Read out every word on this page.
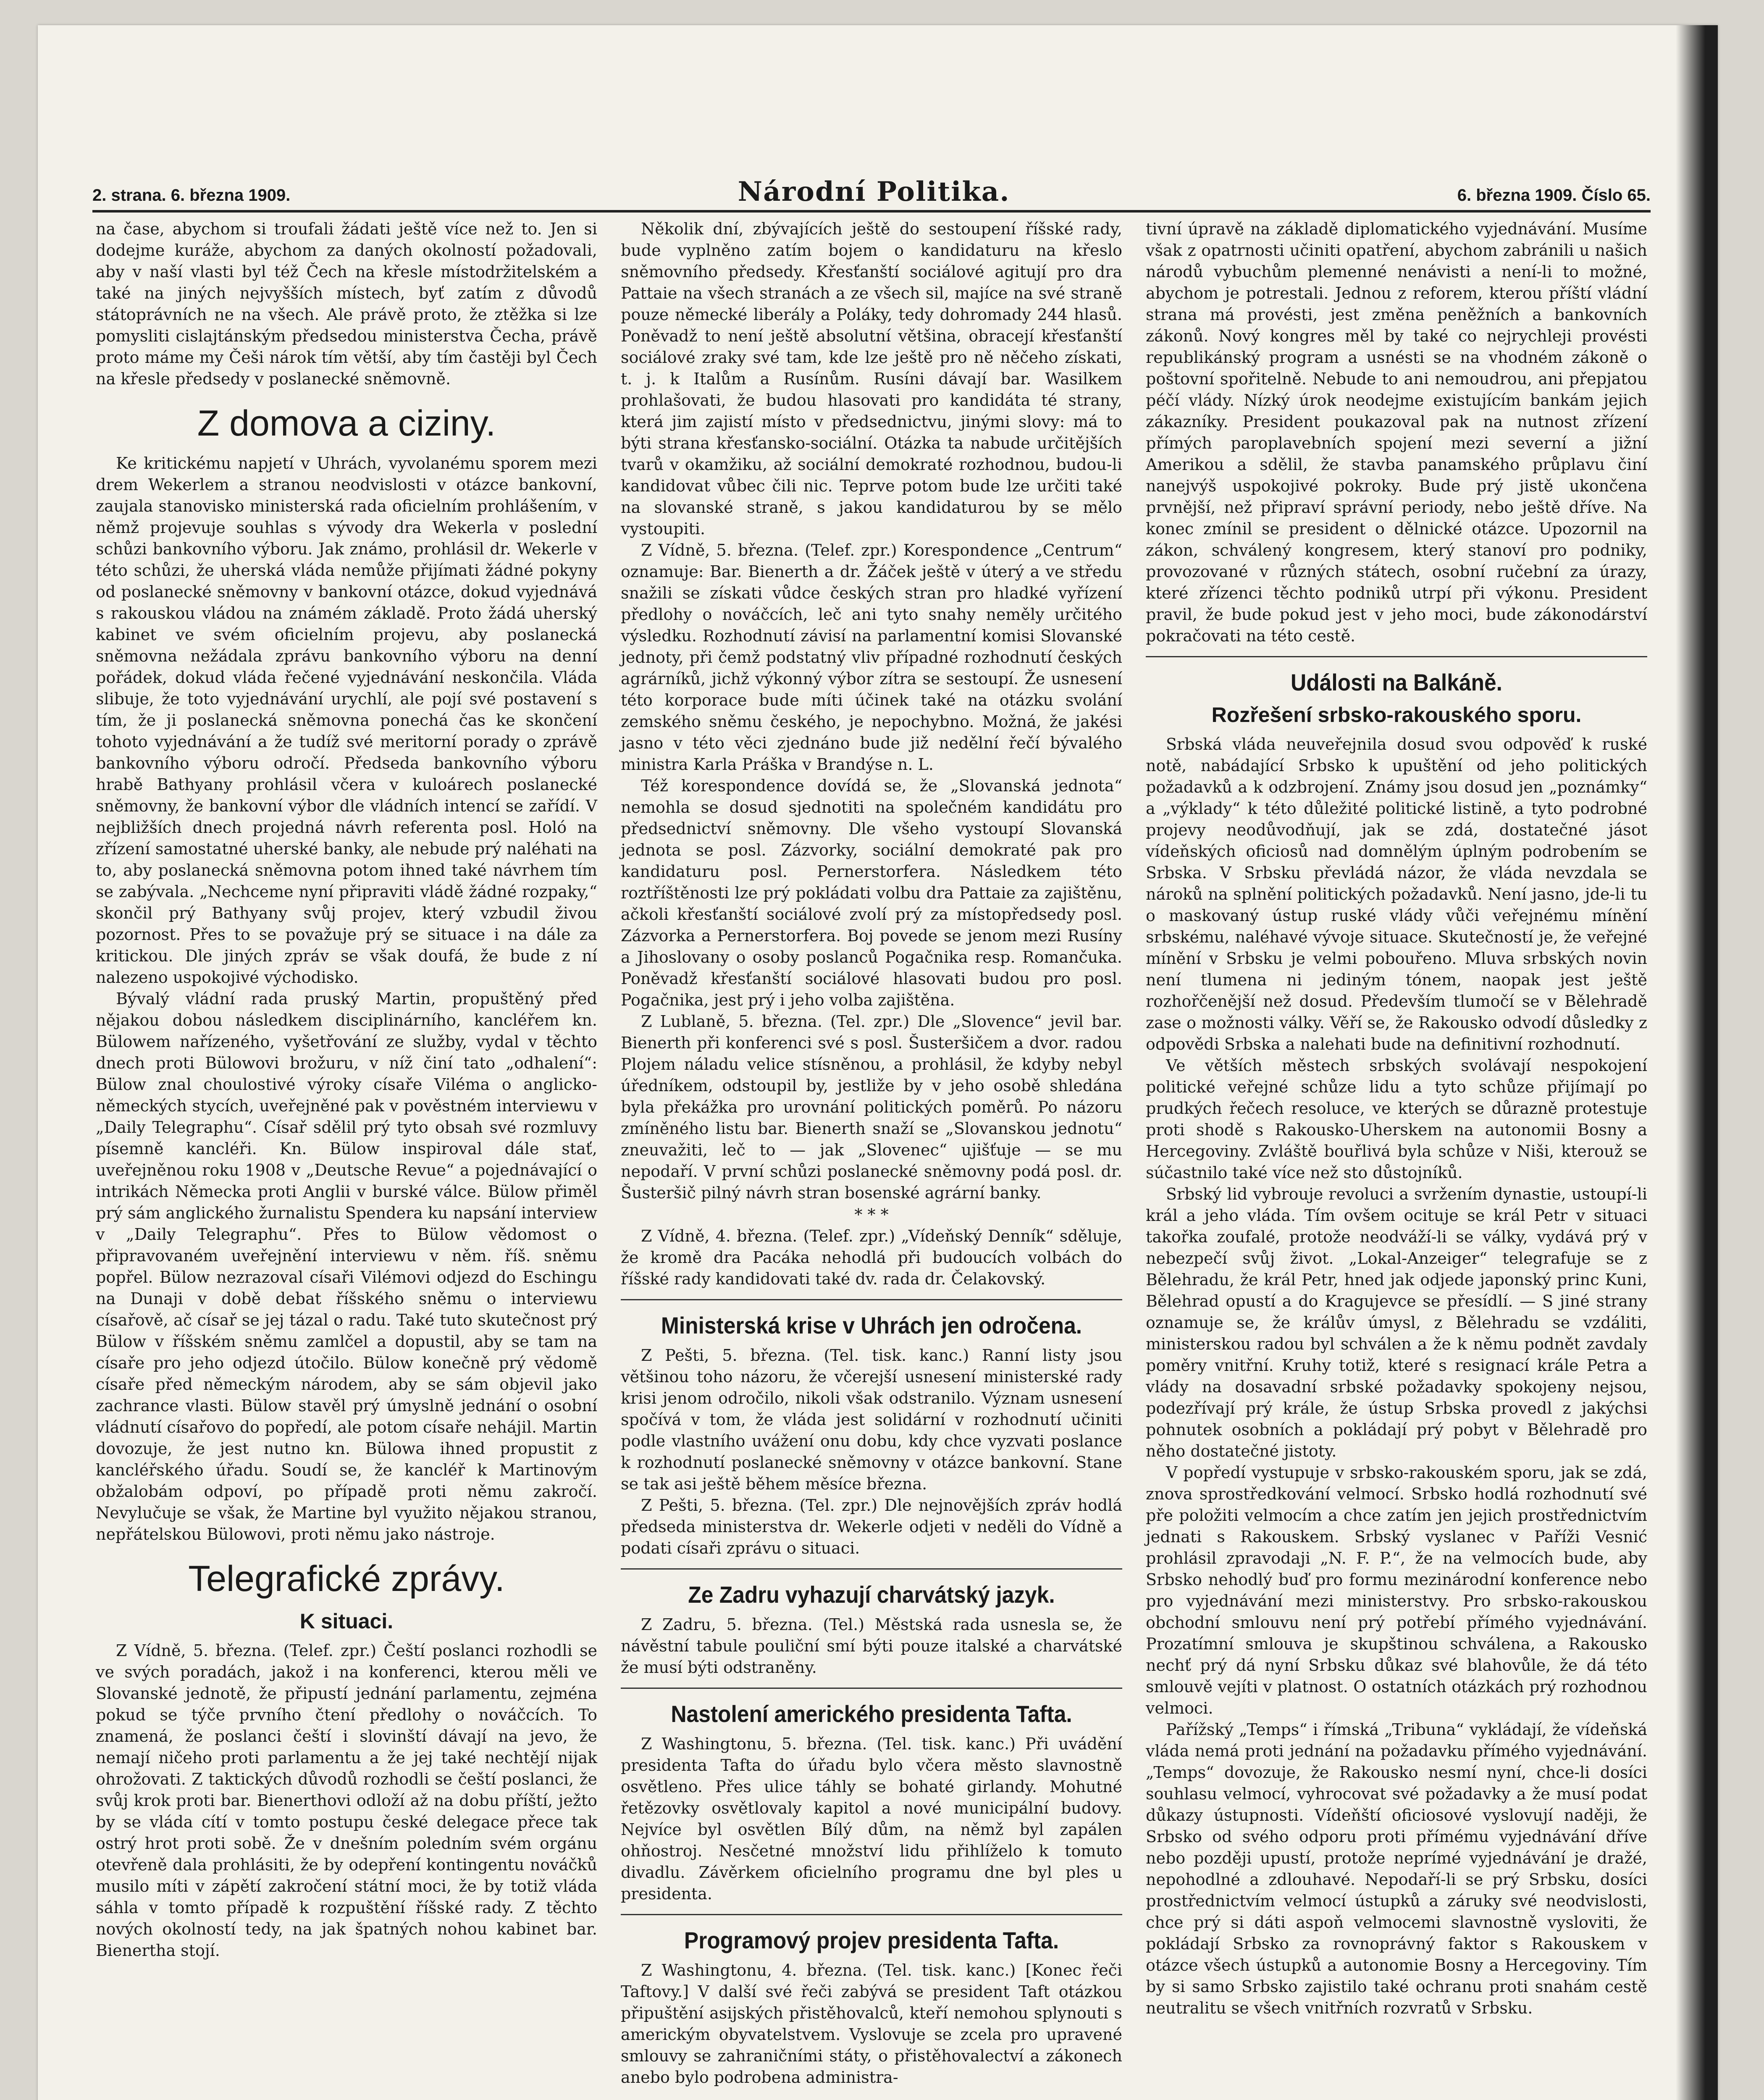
2. strana. 6. března 1909.	Národní Politika.	6. března 1909. Číslo 65.

na čase, abychom si troufali žádati ještě více než to. Jen si dodejme kuráže, abychom za daných okolností požadovali, aby v naší vlasti byl též Čech na křesle místodržitelském a také na jiných nejvyšších místech, byť zatím z důvodů státoprávních ne na všech. Ale právě proto, že ztěžka si lze pomysliti cislajtánským předsedou ministerstva Čecha, právě proto máme my Češi nárok tím větší, aby tím častěji byl Čech na křesle předsedy v poslanecké sněmovně.

Z domova a ciziny.

Ke kritickému napjetí v Uhrách, vyvolanému sporem mezi drem Wekerlem a stranou neodvislosti v otázce bankovní, zaujala stanovisko ministerská rada oficielním prohlášením, v němž projevuje souhlas s vývody dra Wekerla v poslední schůzi bankovního výboru. Jak známo, prohlásil dr. Wekerle v této schůzi, že uherská vláda nemůže přijímati žádné pokyny od poslanecké sněmovny v bankovní otázce, dokud vyjednává s rakouskou vládou na známém základě. Proto žádá uherský kabinet ve svém oficielním projevu, aby poslanecká sněmovna nežádala zprávu bankovního výboru na denní pořádek, dokud vláda řečené vyjednávání neskončila. Vláda slibuje, že toto vyjednávání urychlí, ale pojí své postavení s tím, že ji poslanecká sněmovna ponechá čas ke skončení tohoto vyjednávání a že tudíž své meritorní porady o zprávě bankovního výboru odročí. Předseda bankovního výboru hrabě Bathyany prohlásil včera v kuloárech poslanecké sněmovny, že bankovní výbor dle vládních intencí se zařídí. V nejbližších dnech projedná návrh referenta posl. Holó na zřízení samostatné uherské banky, ale nebude prý naléhati na to, aby poslanecká sněmovna potom ihned také návrhem tím se zabývala. „Nechceme nyní připraviti vládě žádné rozpaky,“ skončil prý Bathyany svůj projev, který vzbudil živou pozornost. Přes to se považuje prý se situace i na dále za kritickou. Dle jiných zpráv se však doufá, že bude z ní nalezeno uspokojivé východisko.

Bývalý vládní rada pruský Martin, propuštěný před nějakou dobou následkem disciplinárního, kancléřem kn. Bülowem nařízeného, vyšetřování ze služby, vydal v těchto dnech proti Bülowovi brožuru, v níž činí tato „odhalení“: Bülow znal choulostivé výroky císaře Viléma o anglicko-německých stycích, uveřejněné pak v pověstném interviewu v „Daily Telegraphu“. Císař sdělil prý tyto obsah své rozmluvy písemně kancléři. Kn. Bülow inspiroval dále stať, uveřejněnou roku 1908 v „Deutsche Revue“ a pojednávající o intrikách Německa proti Anglii v burské válce. Bülow přiměl prý sám anglického žurnalistu Spendera ku napsání interview v „Daily Telegraphu“. Přes to Bülow vědomost o připravovaném uveřejnění interviewu v něm. říš. sněmu popřel. Bülow nezrazoval císaři Vilémovi odjezd do Eschingu na Dunaji v době debat říšského sněmu o interviewu císařově, ač císař se jej tázal o radu. Také tuto skutečnost prý Bülow v říšském sněmu zamlčel a dopustil, aby se tam na císaře pro jeho odjezd útočilo. Bülow konečně prý vědomě císaře před německým národem, aby se sám objevil jako zachrance vlasti. Bülow stavěl prý úmyslně jednání o osobní vládnutí císařovo do popředí, ale potom císaře nehájil. Martin dovozuje, že jest nutno kn. Bülowa ihned propustit z kancléřského úřadu. Soudí se, že kancléř k Martinovým obžalobám odpoví, po případě proti němu zakročí. Nevylučuje se však, že Martine byl využito nějakou stranou, nepřátelskou Bülowovi, proti němu jako nástroje.

Telegrafické zprávy.
K situaci.

Z Vídně, 5. března. (Telef. zpr.) Čeští poslanci rozhodli se ve svých poradách, jakož i na konferenci, kterou měli ve Slovanské jednotě, že připustí jednání parlamentu, zejména pokud se týče prvního čtení předlohy o nováčcích. To znamená, že poslanci čeští i slovinští dávají na jevo, že nemají ničeho proti parlamentu a že jej také nechtějí nijak ohrožovati. Z taktických důvodů rozhodli se čeští poslanci, že svůj krok proti bar. Bienerthovi odloží až na dobu příští, ježto by se vláda cítí v tomto postupu české delegace přece tak ostrý hrot proti sobě. Že v dnešním poledním svém orgánu otevřeně dala prohlásiti, že by odepření kontingentu nováčků musilo míti v zápětí zakročení státní moci, že by totiž vláda sáhla v tomto případě k rozpuštění říšské rady. Z těchto nových okolností tedy, na jak špatných nohou kabinet bar. Bienertha stojí.

Několik dní, zbývajících ještě do sestoupení říšské rady, bude vyplněno zatím bojem o kandidaturu na křeslo sněmovního předsedy. Křesťanští sociálové agitují pro dra Pattaie na všech stranách a ze všech sil, majíce na své straně pouze německé liberály a Poláky, tedy dohromady 244 hlasů. Poněvadž to není ještě absolutní většina, obracejí křesťanští sociálové zraky své tam, kde lze ještě pro ně něčeho získati, t. j. k Italům a Rusínům. Rusíni dávají bar. Wasilkem prohlašovati, že budou hlasovati pro kandidáta té strany, která jim zajistí místo v předsednictvu, jinými slovy: má to býti strana křesťansko-sociální. Otázka ta nabude určitějších tvarů v okamžiku, až sociální demokraté rozhodnou, budou-li kandidovat vůbec čili nic. Teprve potom bude lze určiti také na slovanské straně, s jakou kandidaturou by se mělo vystoupiti.

Z Vídně, 5. března. (Telef. zpr.) Korespondence „Centrum“ oznamuje: Bar. Bienerth a dr. Žáček ještě v úterý a ve středu snažili se získati vůdce českých stran pro hladké vyřízení předlohy o nováčcích, leč ani tyto snahy neměly určitého výsledku. Rozhodnutí závisí na parlamentní komisi Slovanské jednoty, při čemž podstatný vliv případné rozhodnutí českých agrárníků, jichž výkonný výbor zítra se sestoupí. Že usnesení této korporace bude míti účinek také na otázku svolání zemského sněmu českého, je nepochybno. Možná, že jakési jasno v této věci zjednáno bude již nedělní řečí bývalého ministra Karla Práška v Brandýse n. L.

Též korespondence dovídá se, že „Slovanská jednota“ nemohla se dosud sjednotiti na společném kandidátu pro předsednictví sněmovny. Dle všeho vystoupí Slovanská jednota se posl. Zázvorky, sociální demokraté pak pro kandidaturu posl. Pernerstorfera. Následkem této roztříštěnosti lze prý pokládati volbu dra Pattaie za zajištěnu, ačkoli křesťanští sociálové zvolí prý za místopředsedy posl. Zázvorka a Pernerstorfera. Boj povede se jenom mezi Rusíny a Jihoslovany o osoby poslanců Pogačnika resp. Romančuka. Poněvadž křesťanští sociálové hlasovati budou pro posl. Pogačnika, jest prý i jeho volba zajištěna.

Z Lublaně, 5. března. (Tel. zpr.) Dle „Slovence“ jevil bar. Bienerth při konferenci své s posl. Šusteršičem a dvor. radou Plojem náladu velice stísněnou, a prohlásil, že kdyby nebyl úředníkem, odstoupil by, jestliže by v jeho osobě shledána byla překážka pro urovnání politických poměrů. Po názoru zmíněného listu bar. Bienerth snaží se „Slovanskou jednotu“ zneuvažiti, leč to — jak „Slovenec“ ujišťuje — se mu nepodaří. V první schůzi poslanecké sněmovny podá posl. dr. Šusteršič pilný návrh stran bosenské agrární banky.

* * *

Z Vídně, 4. března. (Telef. zpr.) „Vídeňský Denník“ sděluje, že kromě dra Pacáka nehodlá při budoucích volbách do říšské rady kandidovati také dv. rada dr. Čelakovský.

Ministerská krise v Uhrách jen odročena.

Z Pešti, 5. března. (Tel. tisk. kanc.) Ranní listy jsou většinou toho názoru, že včerejší usnesení ministerské rady krisi jenom odročilo, nikoli však odstranilo. Význam usnesení spočívá v tom, že vláda jest solidární v rozhodnutí učiniti podle vlastního uvážení onu dobu, kdy chce vyzvati poslance k rozhodnutí poslanecké sněmovny v otázce bankovní. Stane se tak asi ještě během měsíce března.

Z Pešti, 5. března. (Tel. zpr.) Dle nejnovějších zpráv hodlá předseda ministerstva dr. Wekerle odjeti v neděli do Vídně a podati císaři zprávu o situaci.

Ze Zadru vyhazují charvátský jazyk.

Z Zadru, 5. března. (Tel.) Městská rada usnesla se, že návěstní tabule pouliční smí býti pouze italské a charvátské že musí býti odstraněny.

Nastolení amerického presidenta Tafta.

Z Washingtonu, 5. března. (Tel. tisk. kanc.) Při uvádění presidenta Tafta do úřadu bylo včera město slavnostně osvětleno. Přes ulice táhly se bohaté girlandy. Mohutné řetězovky osvětlovaly kapitol a nové municipální budovy. Nejvíce byl osvětlen Bílý dům, na němž byl zapálen ohňostroj. Nesčetné množství lidu přihlíželo k tomuto divadlu. Závěrkem oficielního programu dne byl ples u presidenta.

Programový projev presidenta Tafta.

Z Washingtonu, 4. března. (Tel. tisk. kanc.) [Konec řeči Taftovy.] V další své řeči zabývá se president Taft otázkou připuštění asijských přistěhovalců, kteří nemohou splynouti s americkým obyvatelstvem. Vyslovuje se zcela pro upravené smlouvy se zahraničními státy, o přistěhovalectví a zákonech anebo bylo podrobena administra-

tivní úpravě na základě diplomatického vyjednávání. Musíme však z opatrnosti učiniti opatření, abychom zabránili u našich národů vybuchům plemenné nenávisti a není-li to možné, abychom je potrestali. Jednou z reforem, kterou příští vládní strana má provésti, jest změna peněžních a bankovních zákonů. Nový kongres měl by také co nejrychleji provésti republikánský program a usnésti se na vhodném zákoně o poštovní spořitelně. Nebude to ani nemoudrou, ani přepjatou péčí vlády. Nízký úrok neodejme existujícím bankám jejich zákazníky. President poukazoval pak na nutnost zřízení přímých paroplavebních spojení mezi severní a jižní Amerikou a sdělil, že stavba panamského průplavu činí nanejvýš uspokojivé pokroky. Bude prý jistě ukončena prvnější, než připraví správní periody, nebo ještě dříve. Na konec zmínil se president o dělnické otázce. Upozornil na zákon, schválený kongresem, který stanoví pro podniky, provozované v různých státech, osobní ručební za úrazy, které zřízenci těchto podniků utrpí při výkonu. President pravil, že bude pokud jest v jeho moci, bude zákonodárství pokračovati na této cestě.

Události na Balkáně.
Rozřešení srbsko-rakouského sporu.

Srbská vláda neuveřejnila dosud svou odpověď k ruské notě, nabádající Srbsko k upuštění od jeho politických požadavků a k odzbrojení. Známy jsou dosud jen „poznámky“ a „výklady“ k této důležité politické listině, a tyto podrobné projevy neodůvodňují, jak se zdá, dostatečné jásot vídeňských oficiosů nad domnělým úplným podrobením se Srbska. V Srbsku převládá názor, že vláda nevzdala se nároků na splnění politických požadavků. Není jasno, jde-li tu o maskovaný ústup ruské vlády vůči veřejnému mínění srbskému, naléhavé vývoje situace. Skutečností je, že veřejné mínění v Srbsku je velmi pobouřeno. Mluva srbských novin není tlumena ni jediným tónem, naopak jest ještě rozhořčenější než dosud. Především tlumočí se v Bělehradě zase o možnosti války. Věří se, že Rakousko odvodí důsledky z odpovědi Srbska a nalehati bude na definitivní rozhodnutí.

Ve větších městech srbských svolávají nespokojení politické veřejné schůze lidu a tyto schůze přijímají po prudkých řečech resoluce, ve kterých se důrazně protestuje proti shodě s Rakousko-Uherskem na autonomii Bosny a Hercegoviny. Zvláště bouřlivá byla schůze v Niši, kterouž se súčastnilo také více než sto důstojníků.

Srbský lid vybrouje revoluci a svržením dynastie, ustoupí-li král a jeho vláda. Tím ovšem ocituje se král Petr v situaci takořka zoufalé, protože neodváží-li se války, vydává prý v nebezpečí svůj život. „Lokal-Anzeiger“ telegrafuje se z Bělehradu, že král Petr, hned jak odjede japonský princ Kuni, Bělehrad opustí a do Kragujevce se přesídlí. — S jiné strany oznamuje se, že králův úmysl, z Bělehradu se vzdáliti, ministerskou radou byl schválen a že k němu podnět zavdaly poměry vnitřní. Kruhy totiž, které s resignací krále Petra a vlády na dosavadní srbské požadavky spokojeny nejsou, podezřívají prý krále, že ústup Srbska provedl z jakýchsi pohnutek osobních a pokládají prý pobyt v Bělehradě pro něho dostatečné jistoty.

V popředí vystupuje v srbsko-rakouském sporu, jak se zdá, znova sprostředkování velmocí. Srbsko hodlá rozhodnutí své pře položiti velmocím a chce zatím jen jejich prostřednictvím jednati s Rakouskem. Srbský vyslanec v Paříži Vesnić prohlásil zpravodaji „N. F. P.“, že na velmocích bude, aby Srbsko nehodlý buď pro formu mezinárodní konference nebo pro vyjednávání mezi ministerstvy. Pro srbsko-rakouskou obchodní smlouvu není prý potřebí přímého vyjednávání. Prozatímní smlouva je skupštinou schválena, a Rakousko nechť prý dá nyní Srbsku důkaz své blahovůle, že dá této smlouvě vejíti v platnost. O ostatních otázkách prý rozhodnou velmoci.

Pařížský „Temps“ i římská „Tribuna“ vykládají, že vídeňská vláda nemá proti jednání na požadavku přímého vyjednávání. „Temps“ dovozuje, že Rakousko nesmí nyní, chce-li dosíci souhlasu velmocí, vyhrocovat své požadavky a že musí podat důkazy ústupnosti. Vídeňští oficiosové vyslovují naději, že Srbsko od svého odporu proti přímému vyjednávání dříve nebo později upustí, protože neprímé vyjednávání je dražé, nepohodlné a zdlouhavé. Nepodaří-li se prý Srbsku, dosíci prostřednictvím velmocí ústupků a záruky své neodvislosti, chce prý si dáti aspoň velmocemi slavnostně vysloviti, že pokládají Srbsko za rovnoprávný faktor s Rakouskem v otázce všech ústupků a autonomie Bosny a Hercegoviny. Tím by si samo Srbsko zajistilo také ochranu proti snahám cestě neutralitu se všech vnitřních rozvratů v Srbsku.
